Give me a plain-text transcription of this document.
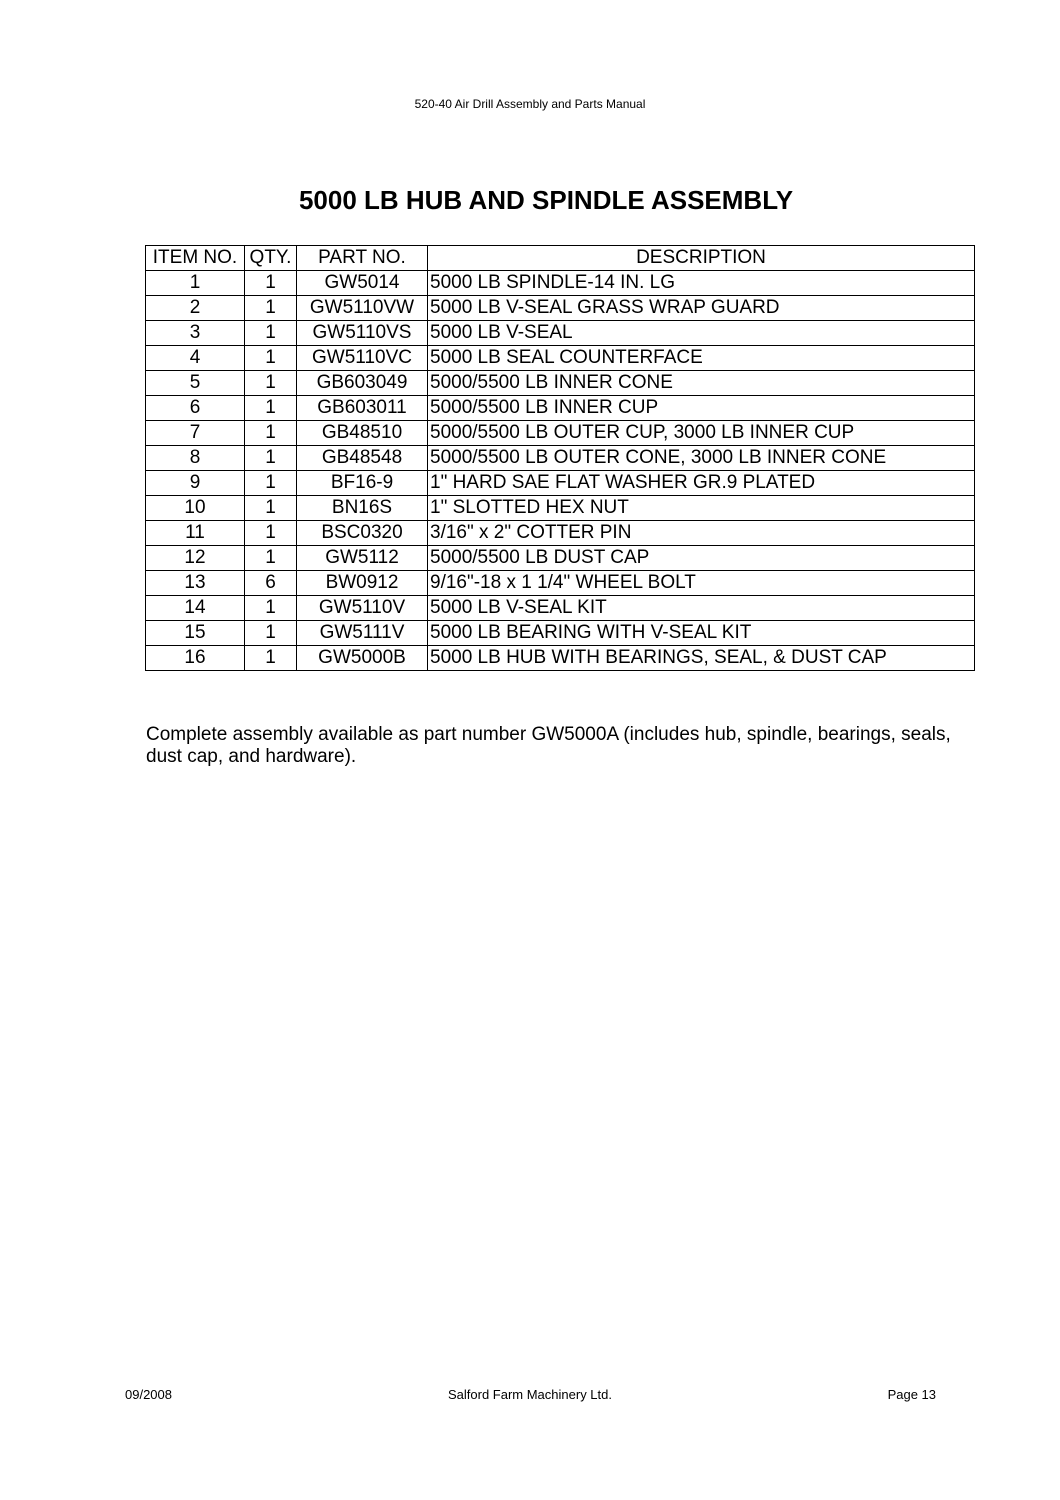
520-40 Air Drill Assembly and Parts Manual
5000 LB HUB AND SPINDLE ASSEMBLY
ITEM NO.	QTY.	PART NO.	DESCRIPTION
1	1	GW5014	5000 LB SPINDLE-14 IN. LG
2	1	GW5110VW	5000 LB V-SEAL GRASS WRAP GUARD
3	1	GW5110VS	5000 LB V-SEAL
4	1	GW5110VC	5000 LB SEAL COUNTERFACE
5	1	GB603049	5000/5500 LB INNER CONE
6	1	GB603011	5000/5500 LB INNER CUP
7	1	GB48510	5000/5500 LB OUTER CUP, 3000 LB INNER CUP
8	1	GB48548	5000/5500 LB OUTER CONE, 3000 LB INNER CONE
9	1	BF16-9	1" HARD SAE FLAT WASHER GR.9 PLATED
10	1	BN16S	1" SLOTTED HEX NUT
11	1	BSC0320	3/16" x 2" COTTER PIN
12	1	GW5112	5000/5500 LB DUST CAP
13	6	BW0912	9/16"-18 x 1 1/4" WHEEL BOLT
14	1	GW5110V	5000 LB V-SEAL KIT
15	1	GW5111V	5000 LB BEARING WITH V-SEAL KIT
16	1	GW5000B	5000 LB HUB WITH BEARINGS, SEAL, & DUST CAP

Complete assembly available as part number GW5000A (includes hub, spindle, bearings, seals, dust cap, and hardware).

09/2008	Salford Farm Machinery Ltd.	Page 13
